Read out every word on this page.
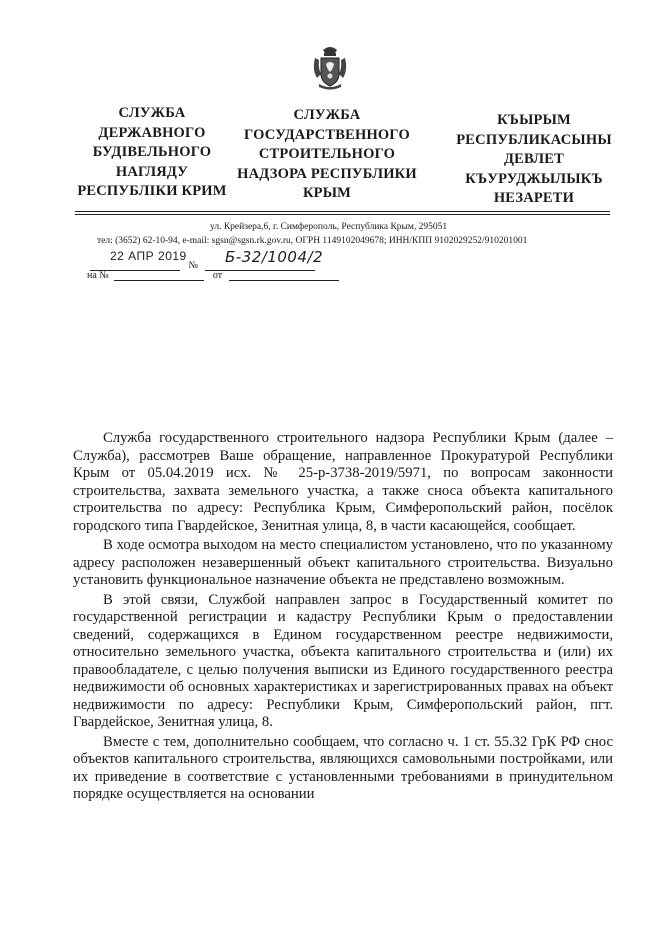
СЛУЖБА ДЕРЖАВНОГО БУДІВЕЛЬНОГО НАГЛЯДУ РЕСПУБЛІКИ КРИМ
СЛУЖБА ГОСУДАРСТВЕННОГО СТРОИТЕЛЬНОГО НАДЗОРА РЕСПУБЛИКИ КРЫМ
КЪЫРЫМ РЕСПУБЛИКАСЫНЫ ДЕВЛЕТ КЪУРУДЖЫЛЫКЪ НЕЗАРЕТИ
ул. Крейзера,6, г. Симферополь, Республика Крым, 295051
тел: (3652) 62-10-94, e-mail: sgsn@sgsn.rk.gov.ru, ОГРН 1149102049678; ИНН/КПП 9102029252/910201001
22 АПР 2019
№	Б-32/1004/2
на №	от

Служба государственного строительного надзора Республики Крым (далее – Служба), рассмотрев Ваше обращение, направленное Прокуратурой Республики Крым от 05.04.2019 исх. № 25-р-3738-2019/5971, по вопросам законности строительства, захвата земельного участка, а также сноса объекта капитального строительства по адресу: Республика Крым, Симферопольский район, посёлок городского типа Гвардейское, Зенитная улица, 8, в части касающейся, сообщает.

В ходе осмотра выходом на место специалистом установлено, что по указанному адресу расположен незавершенный объект капитального строительства. Визуально установить функциональное назначение объекта не представлено возможным.

В этой связи, Службой направлен запрос в Государственный комитет по государственной регистрации и кадастру Республики Крым о предоставлении сведений, содержащихся в Едином государственном реестре недвижимости, относительно земельного участка, объекта капитального строительства и (или) их правообладателе, с целью получения выписки из Единого государственного реестра недвижимости об основных характеристиках и зарегистрированных правах на объект недвижимости по адресу: Республики Крым, Симферопольский район, пгт. Гвардейское, Зенитная улица, 8.

Вместе с тем, дополнительно сообщаем, что согласно ч. 1 ст. 55.32 ГрК РФ снос объектов капитального строительства, являющихся самовольными постройками, или их приведение в соответствие с установленными требованиями в принудительном порядке осуществляется на основании
